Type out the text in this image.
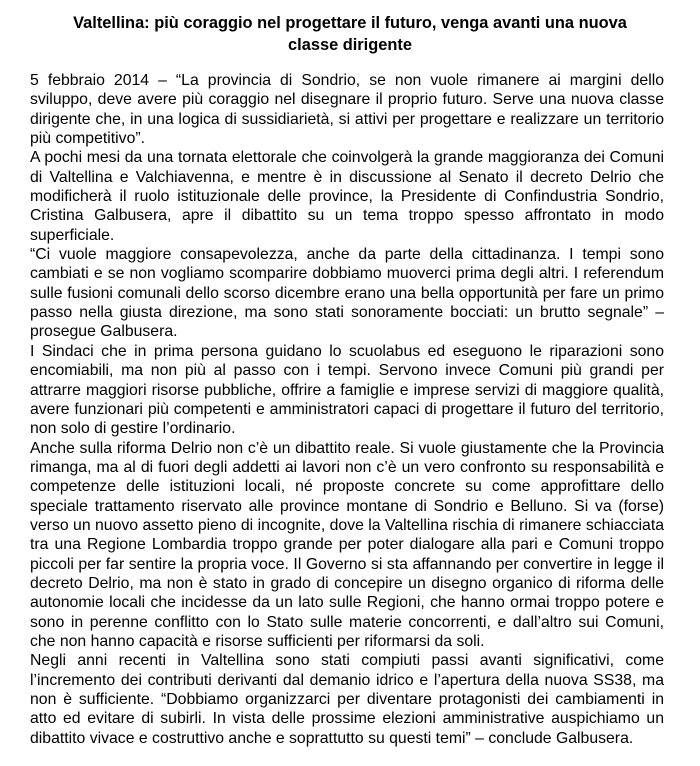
Valtellina: più coraggio nel progettare il futuro, venga avanti una nuova
classe dirigente

5 febbraio 2014 – “La provincia di Sondrio, se non vuole rimanere ai margini dello sviluppo, deve avere più coraggio nel disegnare il proprio futuro. Serve una nuova classe dirigente che, in una logica di sussidiarietà, si attivi per progettare e realizzare un territorio più competitivo”.

A pochi mesi da una tornata elettorale che coinvolgerà la grande maggioranza dei Comuni di Valtellina e Valchiavenna, e mentre è in discussione al Senato il decreto Delrio che modificherà il ruolo istituzionale delle province, la Presidente di Confindustria Sondrio, Cristina Galbusera, apre il dibattito su un tema troppo spesso affrontato in modo superficiale.

“Ci vuole maggiore consapevolezza, anche da parte della cittadinanza. I tempi sono cambiati e se non vogliamo scomparire dobbiamo muoverci prima degli altri. I referendum sulle fusioni comunali dello scorso dicembre erano una bella opportunità per fare un primo passo nella giusta direzione, ma sono stati sonoramente bocciati: un brutto segnale” – prosegue Galbusera.

I Sindaci che in prima persona guidano lo scuolabus ed eseguono le riparazioni sono encomiabili, ma non più al passo con i tempi. Servono invece Comuni più grandi per attrarre maggiori risorse pubbliche, offrire a famiglie e imprese servizi di maggiore qualità, avere funzionari più competenti e amministratori capaci di progettare il futuro del territorio, non solo di gestire l’ordinario.

Anche sulla riforma Delrio non c’è un dibattito reale. Si vuole giustamente che la Provincia rimanga, ma al di fuori degli addetti ai lavori non c’è un vero confronto su responsabilità e competenze delle istituzioni locali, né proposte concrete su come approfittare dello speciale trattamento riservato alle province montane di Sondrio e Belluno. Si va (forse) verso un nuovo assetto pieno di incognite, dove la Valtellina rischia di rimanere schiacciata tra una Regione Lombardia troppo grande per poter dialogare alla pari e Comuni troppo piccoli per far sentire la propria voce. Il Governo si sta affannando per convertire in legge il decreto Delrio, ma non è stato in grado di concepire un disegno organico di riforma delle autonomie locali che incidesse da un lato sulle Regioni, che hanno ormai troppo potere e sono in perenne conflitto con lo Stato sulle materie concorrenti, e dall’altro sui Comuni, che non hanno capacità e risorse sufficienti per riformarsi da soli.

Negli anni recenti in Valtellina sono stati compiuti passi avanti significativi, come l’incremento dei contributi derivanti dal demanio idrico e l’apertura della nuova SS38, ma non è sufficiente. “Dobbiamo organizzarci per diventare protagonisti dei cambiamenti in atto ed evitare di subirli. In vista delle prossime elezioni amministrative auspichiamo un dibattito vivace e costruttivo anche e soprattutto su questi temi” – conclude Galbusera.
